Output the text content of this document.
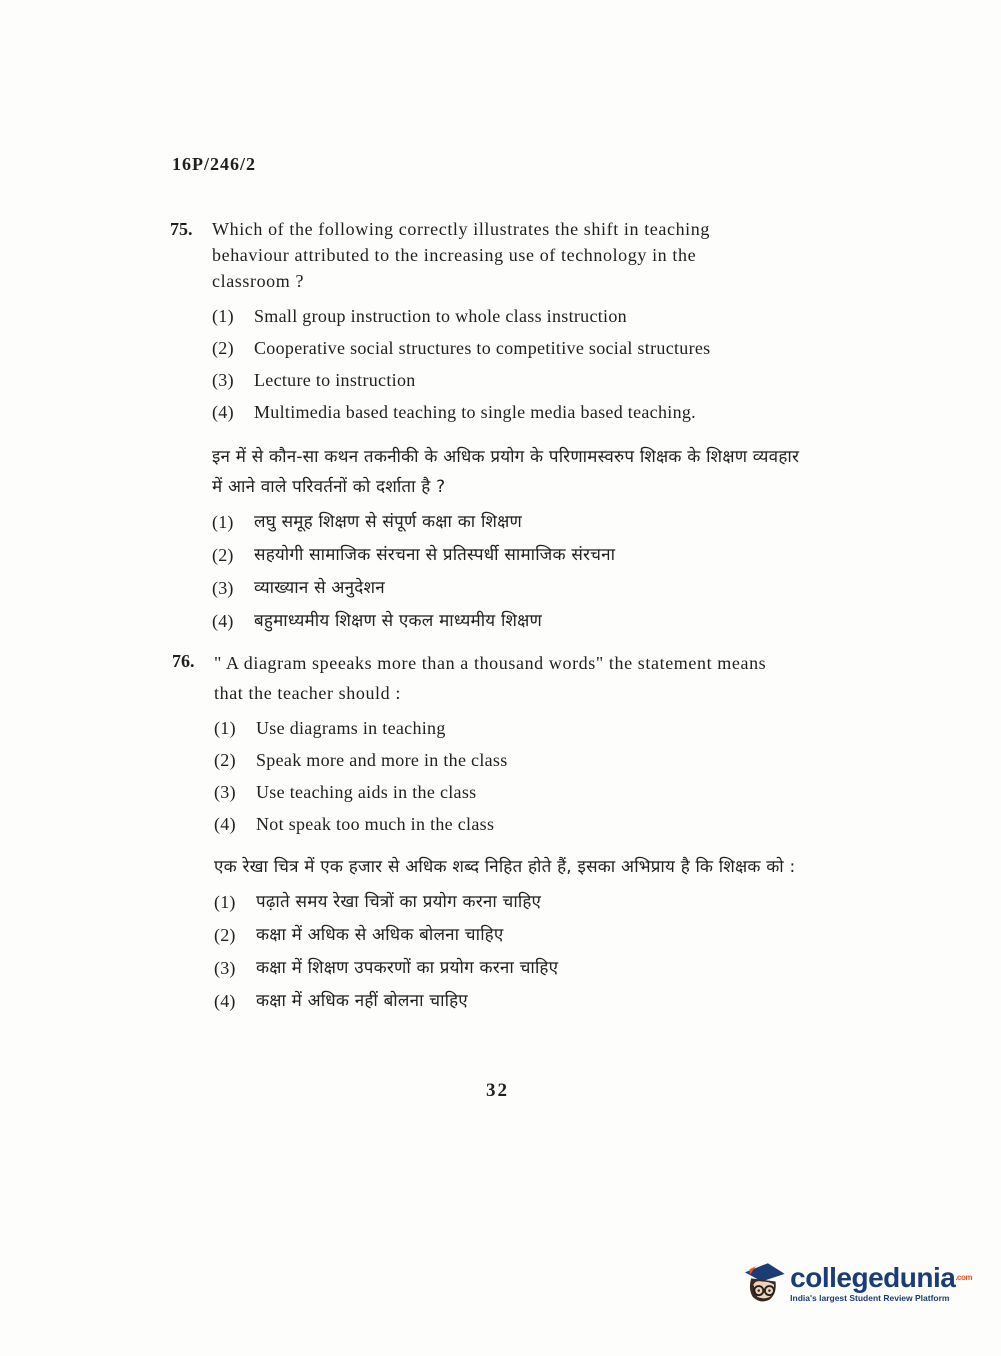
16P/246/2
75.	Which of the following correctly illustrates the shift in teaching behaviour attributed to the increasing use of technology in the classroom ?
(1)	Small group instruction to whole class instruction
(2)	Cooperative social structures to competitive social structures
(3)	Lecture to instruction
(4)	Multimedia based teaching to single media based teaching.
इन में से कौन-सा कथन तकनीकी के अधिक प्रयोग के परिणामस्वरुप शिक्षक के शिक्षण व्यवहार में आने वाले परिवर्तनों को दर्शाता है ?
(1)	लघु समूह शिक्षण से संपूर्ण कक्षा का शिक्षण
(2)	सहयोगी सामाजिक संरचना से प्रतिस्पर्धी सामाजिक संरचना
(3)	व्याख्यान से अनुदेशन
(4)	बहुमाध्यमीय शिक्षण से एकल माध्यमीय शिक्षण
76.	" A diagram speeaks more than a thousand words" the statement means that the teacher should :
(1)	Use diagrams in teaching
(2)	Speak more and more in the class
(3)	Use teaching aids in the class
(4)	Not speak too much in the class
एक रेखा चित्र में एक हजार से अधिक शब्द निहित होते हैं, इसका अभिप्राय है कि शिक्षक को :
(1)	पढ़ाते समय रेखा चित्रों का प्रयोग करना चाहिए
(2)	कक्षा में अधिक से अधिक बोलना चाहिए
(3)	कक्षा में शिक्षण उपकरणों का प्रयोग करना चाहिए
(4)	कक्षा में अधिक नहीं बोलना चाहिए
32
collegedunia$^{.com}$
India's largest Student Review Platform
